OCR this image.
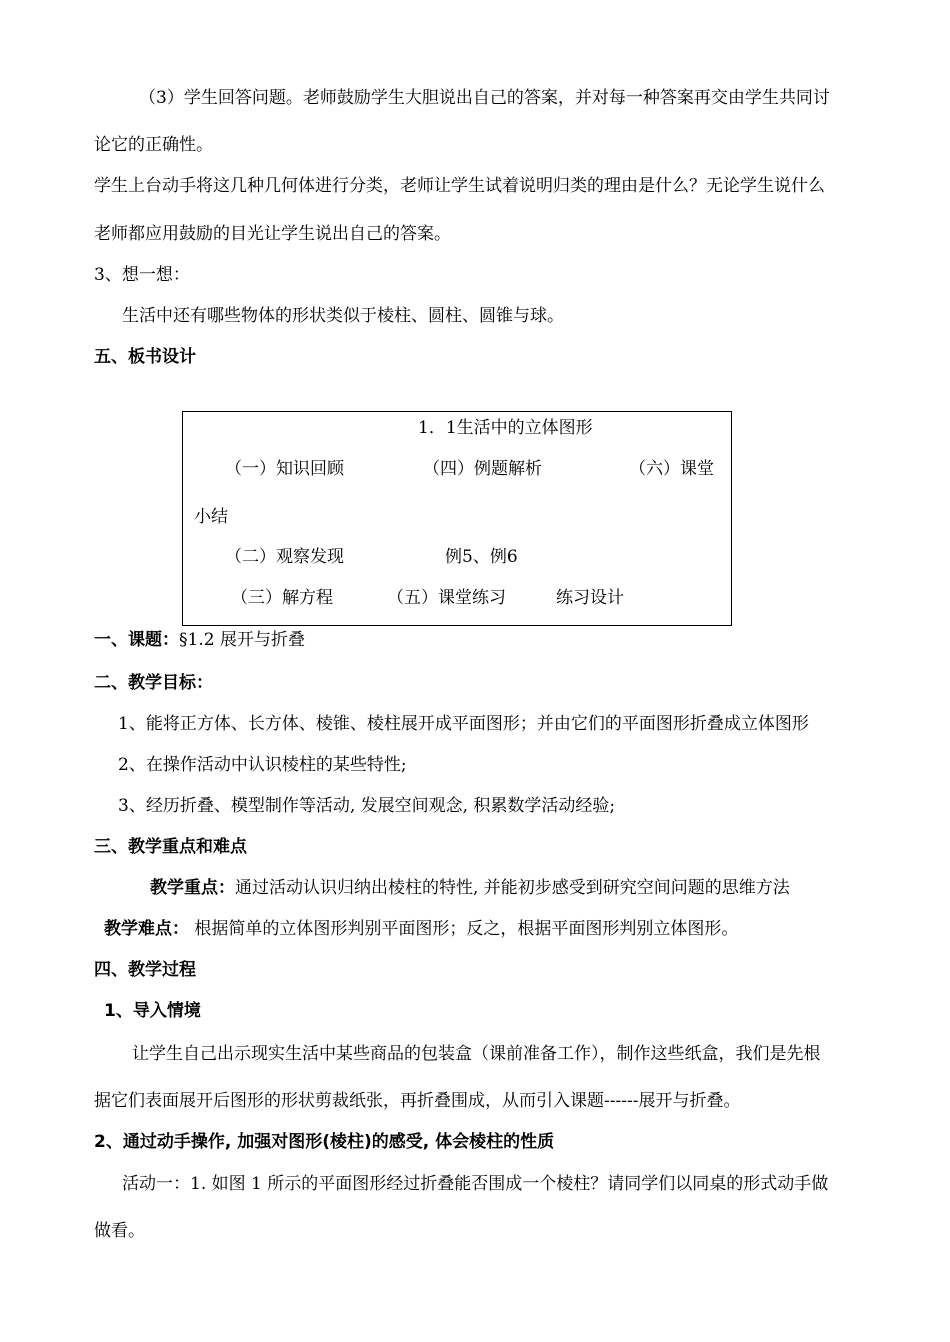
（3）学生回答问题。老师鼓励学生大胆说出自己的答案，并对每一种答案再交由学生共同讨
论它的正确性。
学生上台动手将这几种几何体进行分类，老师让学生试着说明归类的理由是什么？无论学生说什么
老师都应用鼓励的目光让学生说出自己的答案。
3、想一想：
生活中还有哪些物体的形状类似于棱柱、圆柱、圆锥与球。
五、板书设计
1．1生活中的立体图形
（一）知识回顾	（四）例题解析	（六）课堂
小结
（二）观察发现	例5、例6
（三）解方程	（五）课堂练习	练习设计
一、课题：§1.2 展开与折叠
二、教学目标：
1、能将正方体、长方体、棱锥、棱柱展开成平面图形；并由它们的平面图形折叠成立体图形
2、在操作活动中认识棱柱的某些特性;
3、经历折叠、模型制作等活动, 发展空间观念, 积累数学活动经验;
三、教学重点和难点
教学重点：通过活动认识归纳出棱柱的特性, 并能初步感受到研究空间问题的思维方法
教学难点： 根据简单的立体图形判别平面图形；反之，根据平面图形判别立体图形。
四、教学过程
1、导入情境
让学生自己出示现实生活中某些商品的包装盒（课前准备工作），制作这些纸盒，我们是先根
据它们表面展开后图形的形状剪裁纸张，再折叠围成，从而引入课题------展开与折叠。
2、通过动手操作, 加强对图形(棱柱)的感受, 体会棱柱的性质
活动一：1. 如图 1 所示的平面图形经过折叠能否围成一个棱柱？请同学们以同桌的形式动手做
做看。
